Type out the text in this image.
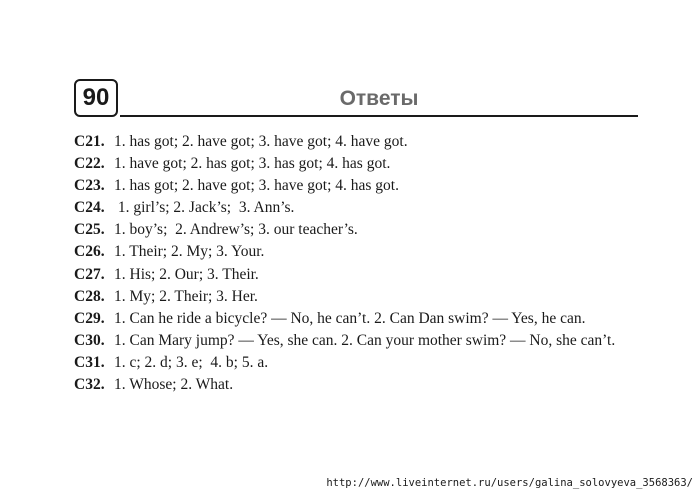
90	Ответы
C21. 1. has got; 2. have got; 3. have got; 4. have got.
C22. 1. have got; 2. has got; 3. has got; 4. has got.
C23. 1. has got; 2. have got; 3. have got; 4. has got.
C24. 1. girl’s; 2. Jack’s;  3. Ann’s.
C25. 1. boy’s;  2. Andrew’s; 3. our teacher’s.
C26. 1. Their; 2. My; 3. Your.
C27. 1. His; 2. Our; 3. Their.
C28. 1. My; 2. Their; 3. Her.
C29. 1. Can he ride a bicycle? — No, he can’t. 2. Can Dan swim? — Yes, he can.
C30. 1. Can Mary jump? — Yes, she can. 2. Can your mother swim? — No, she can’t.
C31. 1. c; 2. d; 3. e;  4. b; 5. a.
C32. 1. Whose; 2. What.
http://www.liveinternet.ru/users/galina_solovyeva_3568363/
